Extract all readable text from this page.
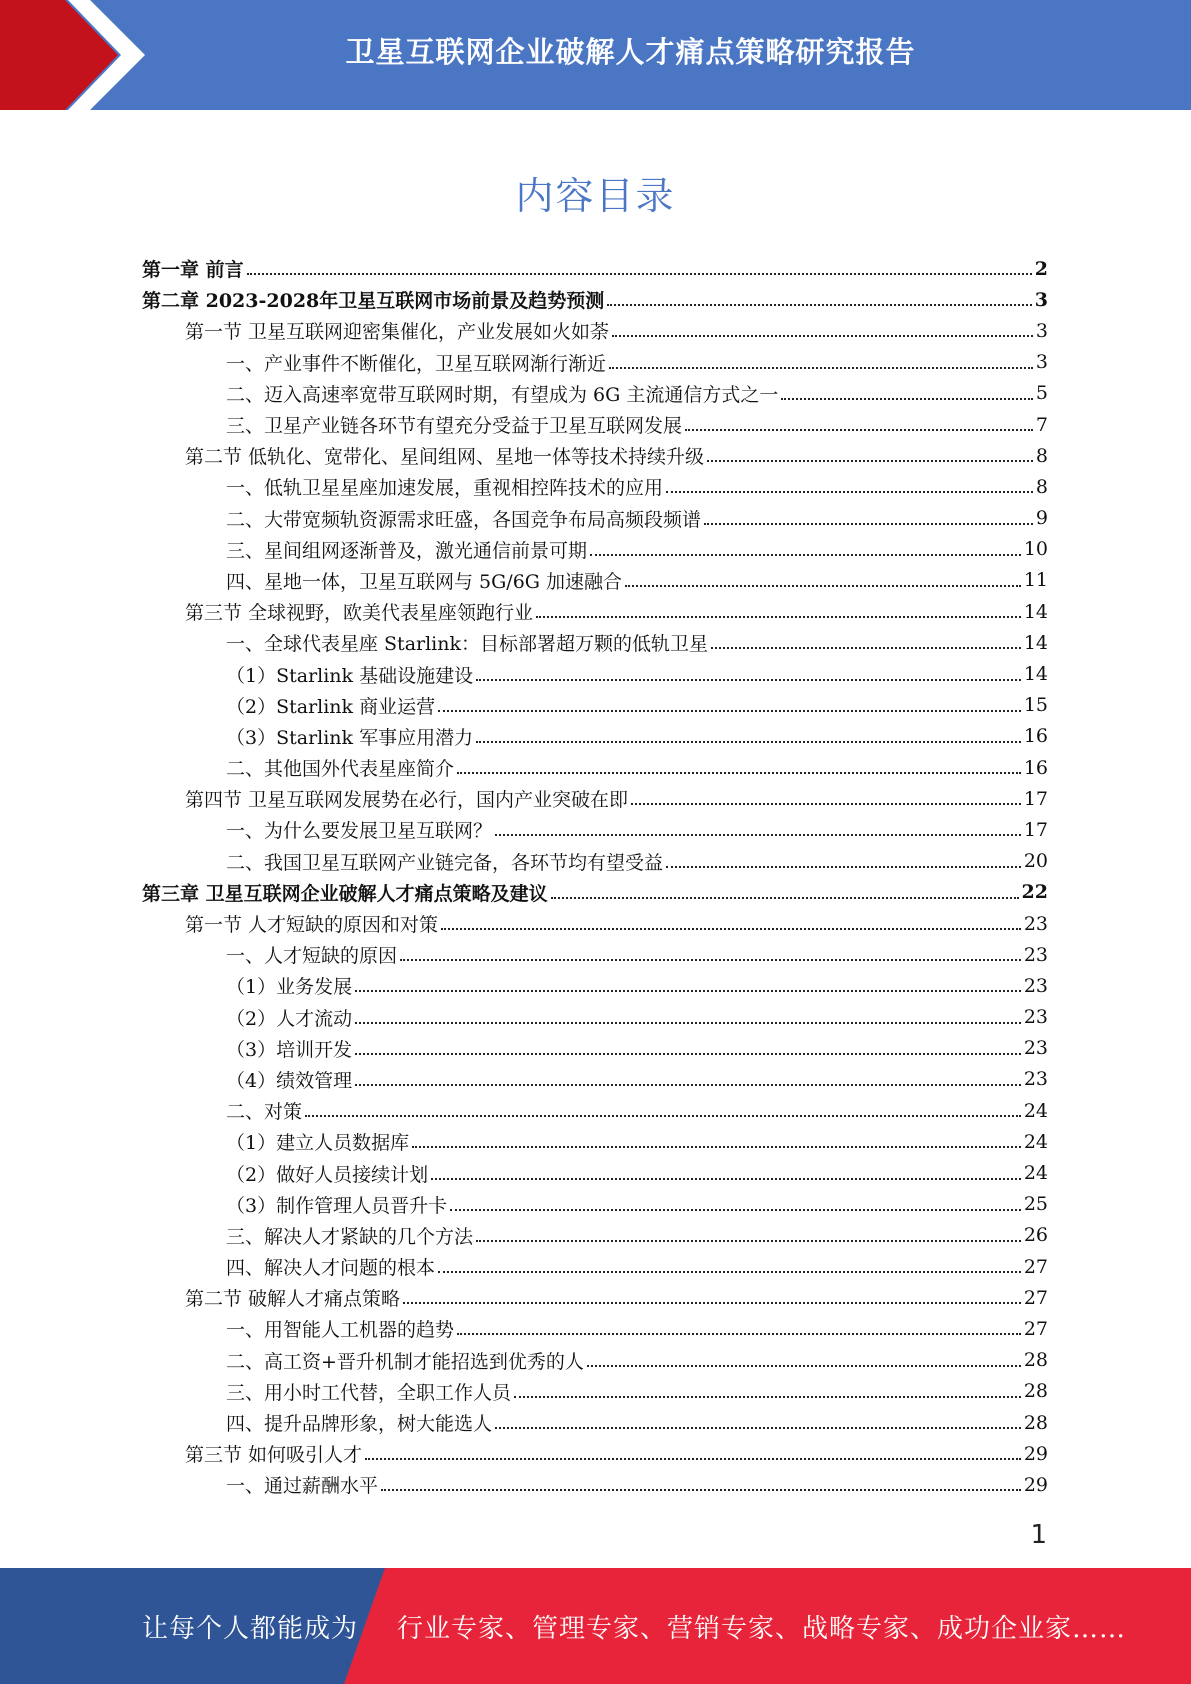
卫星互联网企业破解人才痛点策略研究报告
内容目录
第一章 前言	2
第二章 2023-2028年卫星互联网市场前景及趋势预测	3
第一节 卫星互联网迎密集催化，产业发展如火如荼	3
一、产业事件不断催化，卫星互联网渐行渐近	3
二、迈入高速率宽带互联网时期，有望成为 6G 主流通信方式之一	5
三、卫星产业链各环节有望充分受益于卫星互联网发展	7
第二节 低轨化、宽带化、星间组网、星地一体等技术持续升级	8
一、低轨卫星星座加速发展，重视相控阵技术的应用	8
二、大带宽频轨资源需求旺盛，各国竞争布局高频段频谱	9
三、星间组网逐渐普及，激光通信前景可期	10
四、星地一体，卫星互联网与 5G/6G 加速融合	11
第三节 全球视野，欧美代表星座领跑行业	14
一、全球代表星座 Starlink：目标部署超万颗的低轨卫星	14
（1）Starlink 基础设施建设	14
（2）Starlink 商业运营	15
（3）Starlink 军事应用潜力	16
二、其他国外代表星座简介	16
第四节 卫星互联网发展势在必行，国内产业突破在即	17
一、为什么要发展卫星互联网？	17
二、我国卫星互联网产业链完备，各环节均有望受益	20
第三章 卫星互联网企业破解人才痛点策略及建议	22
第一节 人才短缺的原因和对策	23
一、人才短缺的原因	23
（1）业务发展	23
（2）人才流动	23
（3）培训开发	23
（4）绩效管理	23
二、对策	24
（1）建立人员数据库	24
（2）做好人员接续计划	24
（3）制作管理人员晋升卡	25
三、解决人才紧缺的几个方法	26
四、解决人才问题的根本	27
第二节 破解人才痛点策略	27
一、用智能人工机器的趋势	27
二、高工资+晋升机制才能招选到优秀的人	28
三、用小时工代替，全职工作人员	28
四、提升品牌形象，树大能选人	28
第三节 如何吸引人才	29
一、通过薪酬水平	29
1
让每个人都能成为 行业专家、管理专家、营销专家、战略专家、成功企业家……
